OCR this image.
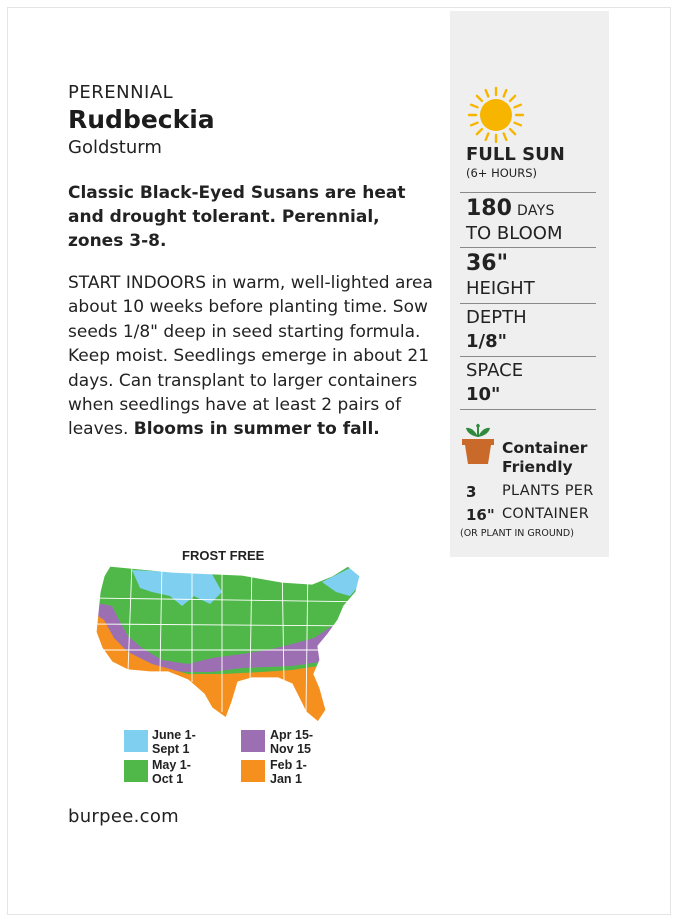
PERENNIAL

Rudbeckia

Goldsturm

Classic Black-Eyed Susans are heat and drought tolerant. Perennial, zones 3-8.

START INDOORS in warm, well-lighted area about 10 weeks before planting time. Sow seeds 1/8" deep in seed starting formula. Keep moist. Seedlings emerge in about 21 days. Can transplant to larger containers when seedlings have at least 2 pairs of leaves. Blooms in summer to fall.

FULL SUN
(6+ HOURS)
180 DAYS
TO BLOOM
36"
HEIGHT
DEPTH
1/8"
SPACE
10"
Container
Friendly
3 PLANTS PER
16" CONTAINER
(OR PLANT IN GROUND)
FROST FREE
June 1-
Sept 1
May 1-
Oct 1
Apr 15-
Nov 15
Feb 1-
Jan 1
burpee.com
